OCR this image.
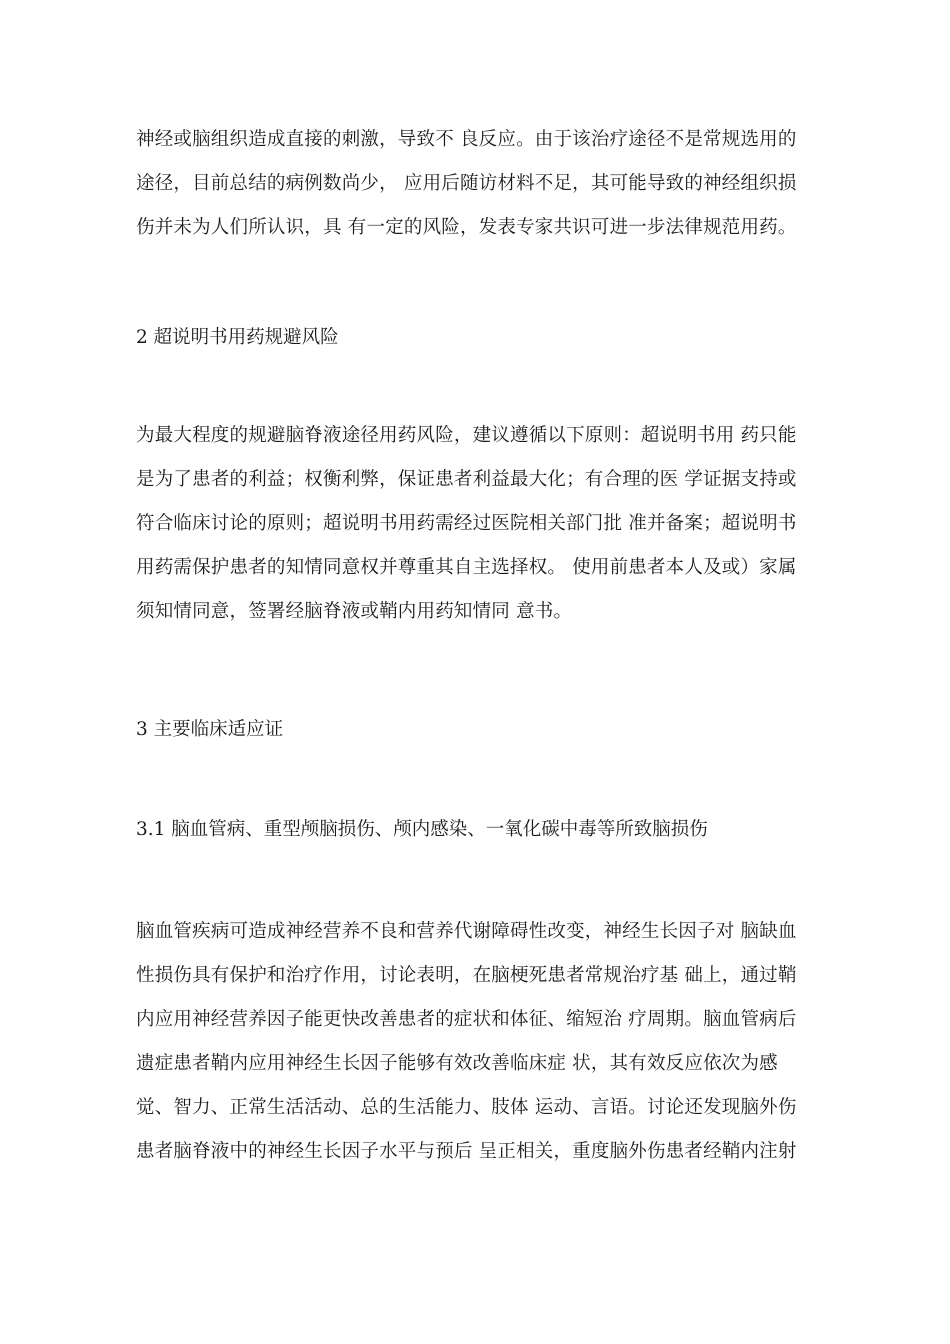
神经或脑组织造成直接的刺激，导致不 良反应。由于该治疗途径不是常规选用的
途径，目前总结的病例数尚少， 应用后随访材料不足，其可能导致的神经组织损
伤并未为人们所认识，具 有一定的风险，发表专家共识可进一步法律规范用药。
2 超说明书用药规避风险
为最大程度的规避脑脊液途径用药风险，建议遵循以下原则：超说明书用 药只能
是为了患者的利益；权衡利弊，保证患者利益最大化；有合理的医 学证据支持或
符合临床讨论的原则；超说明书用药需经过医院相关部门批 准并备案；超说明书
用药需保护患者的知情同意权并尊重其自主选择权。 使用前患者本人及或）家属
须知情同意，签署经脑脊液或鞘内用药知情同 意书。
3 主要临床适应证
3.1 脑血管病、重型颅脑损伤、颅内感染、一氧化碳中毒等所致脑损伤
脑血管疾病可造成神经营养不良和营养代谢障碍性改变，神经生长因子对 脑缺血
性损伤具有保护和治疗作用，讨论表明，在脑梗死患者常规治疗基 础上，通过鞘
内应用神经营养因子能更快改善患者的症状和体征、缩短治 疗周期。脑血管病后
遗症患者鞘内应用神经生长因子能够有效改善临床症 状，其有效反应依次为感
觉、智力、正常生活活动、总的生活能力、肢体 运动、言语。讨论还发现脑外伤
患者脑脊液中的神经生长因子水平与预后 呈正相关，重度脑外伤患者经鞘内注射
